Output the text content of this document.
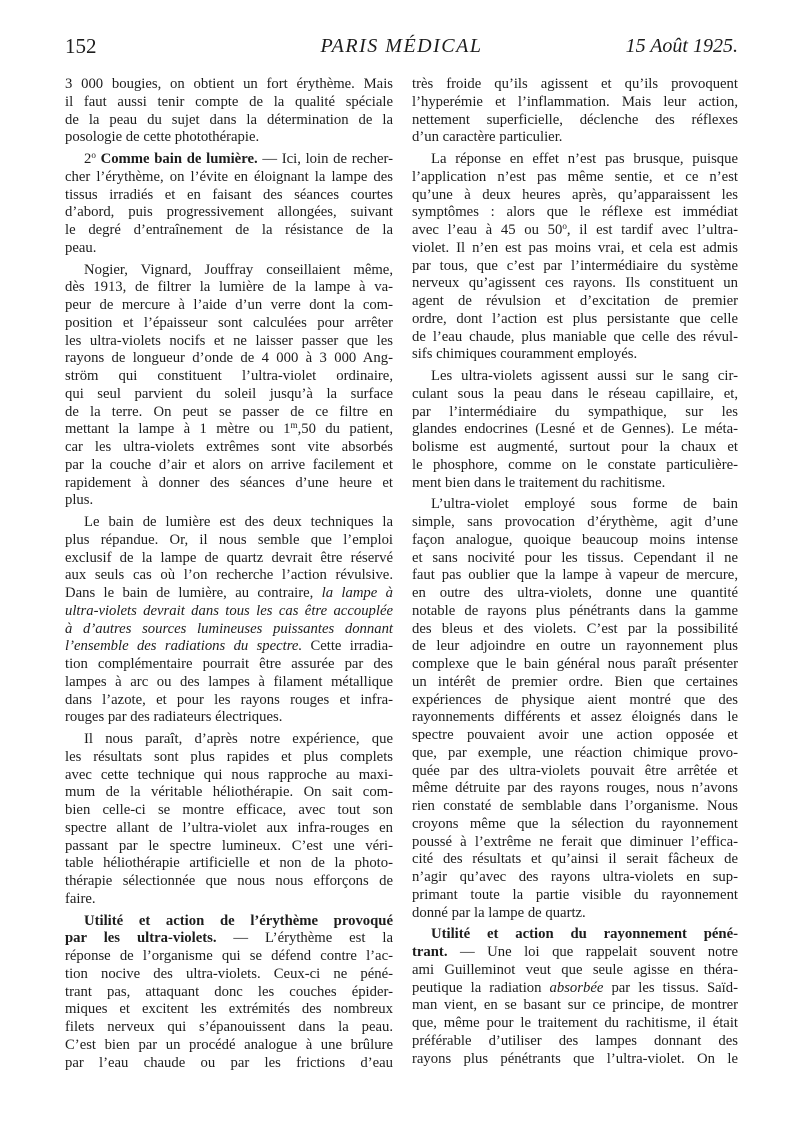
152	PARIS MÉDICAL	15 Août 1925.
3 000 bougies, on obtient un fort érythème. Mais
il faut aussi tenir compte de la qualité spéciale
de la peau du sujet dans la détermination de la
posologie de cette photothérapie.
2$^o$ Comme bain de lumière. — Ici, loin de recher-
cher l’érythème, on l’évite en éloignant la lampe des
tissus irradiés et en faisant des séances courtes
d’abord, puis progressivement allongées, suivant
le degré d’entraînement de la résistance de la
peau.
Nogier, Vignard, Jouffray conseillaient même,
dès 1913, de filtrer la lumière de la lampe à va-
peur de mercure à l’aide d’un verre dont la com-
position et l’épaisseur sont calculées pour arrêter
les ultra-violets nocifs et ne laisser passer que les
rayons de longueur d’onde de 4 000 à 3 000 Ang-
ström qui constituent l’ultra-violet ordinaire,
qui seul parvient du soleil jusqu’à la surface
de la terre. On peut se passer de ce filtre en
mettant la lampe à 1 mètre ou 1$^m$,50 du patient,
car les ultra-violets extrêmes sont vite absorbés
par la couche d’air et alors on arrive facilement et
rapidement à donner des séances d’une heure et
plus.
Le bain de lumière est des deux techniques la
plus répandue. Or, il nous semble que l’emploi
exclusif de la lampe de quartz devrait être réservé
aux seuls cas où l’on recherche l’action révulsive.
Dans le bain de lumière, au contraire, la lampe à
ultra-violets devrait dans tous les cas être accouplée
à d’autres sources lumineuses puissantes donnant
l’ensemble des radiations du spectre. Cette irradia-
tion complémentaire pourrait être assurée par des
lampes à arc ou des lampes à filament métallique
dans l’azote, et pour les rayons rouges et infra-
rouges par des radiateurs électriques.
Il nous paraît, d’après notre expérience, que
les résultats sont plus rapides et plus complets
avec cette technique qui nous rapproche au maxi-
mum de la véritable héliothérapie. On sait com-
bien celle-ci se montre efficace, avec tout son
spectre allant de l’ultra-violet aux infra-rouges en
passant par le spectre lumineux. C’est une véri-
table héliothérapie artificielle et non de la photo-
thérapie sélectionnée que nous nous efforçons de
faire.
Utilité et action de l’érythème provoqué
par les ultra-violets. — L’érythème est la
réponse de l’organisme qui se défend contre l’ac-
tion nocive des ultra-violets. Ceux-ci ne péné-
trant pas, attaquant donc les couches épider-
miques et excitent les extrémités des nombreux
filets nerveux qui s’épanouissent dans la peau.
C’est bien par un procédé analogue à une brûlure
par l’eau chaude ou par les frictions d’eau
très froide qu’ils agissent et qu’ils provoquent
l’hyperémie et l’inflammation. Mais leur action,
nettement superficielle, déclenche des réflexes
d’un caractère particulier.
La réponse en effet n’est pas brusque, puisque
l’application n’est pas même sentie, et ce n’est
qu’une à deux heures après, qu’apparaissent les
symptômes : alors que le réflexe est immédiat
avec l’eau à 45 ou 50$^o$, il est tardif avec l’ultra-
violet. Il n’en est pas moins vrai, et cela est admis
par tous, que c’est par l’intermédiaire du système
nerveux qu’agissent ces rayons. Ils constituent un
agent de révulsion et d’excitation de premier
ordre, dont l’action est plus persistante que celle
de l’eau chaude, plus maniable que celle des révul-
sifs chimiques couramment employés.
Les ultra-violets agissent aussi sur le sang cir-
culant sous la peau dans le réseau capillaire, et,
par l’intermédiaire du sympathique, sur les
glandes endocrines (Lesné et de Gennes). Le méta-
bolisme est augmenté, surtout pour la chaux et
le phosphore, comme on le constate particulière-
ment bien dans le traitement du rachitisme.
L’ultra-violet employé sous forme de bain
simple, sans provocation d’érythème, agit d’une
façon analogue, quoique beaucoup moins intense
et sans nocivité pour les tissus. Cependant il ne
faut pas oublier que la lampe à vapeur de mercure,
en outre des ultra-violets, donne une quantité
notable de rayons plus pénétrants dans la gamme
des bleus et des violets. C’est par la possibilité
de leur adjoindre en outre un rayonnement plus
complexe que le bain général nous paraît présenter
un intérêt de premier ordre. Bien que certaines
expériences de physique aient montré que des
rayonnements différents et assez éloignés dans le
spectre pouvaient avoir une action opposée et
que, par exemple, une réaction chimique provo-
quée par des ultra-violets pouvait être arrêtée et
même détruite par des rayons rouges, nous n’avons
rien constaté de semblable dans l’organisme. Nous
croyons même que la sélection du rayonnement
poussé à l’extrême ne ferait que diminuer l’effica-
cité des résultats et qu’ainsi il serait fâcheux de
n’agir qu’avec des rayons ultra-violets en sup-
primant toute la partie visible du rayonnement
donné par la lampe de quartz.
Utilité et action du rayonnement péné-
trant. — Une loi que rappelait souvent notre
ami Guilleminot veut que seule agisse en théra-
peutique la radiation absorbée par les tissus. Saïd-
man vient, en se basant sur ce principe, de montrer
que, même pour le traitement du rachitisme, il était
préférable d’utiliser des lampes donnant des
rayons plus pénétrants que l’ultra-violet. On le
